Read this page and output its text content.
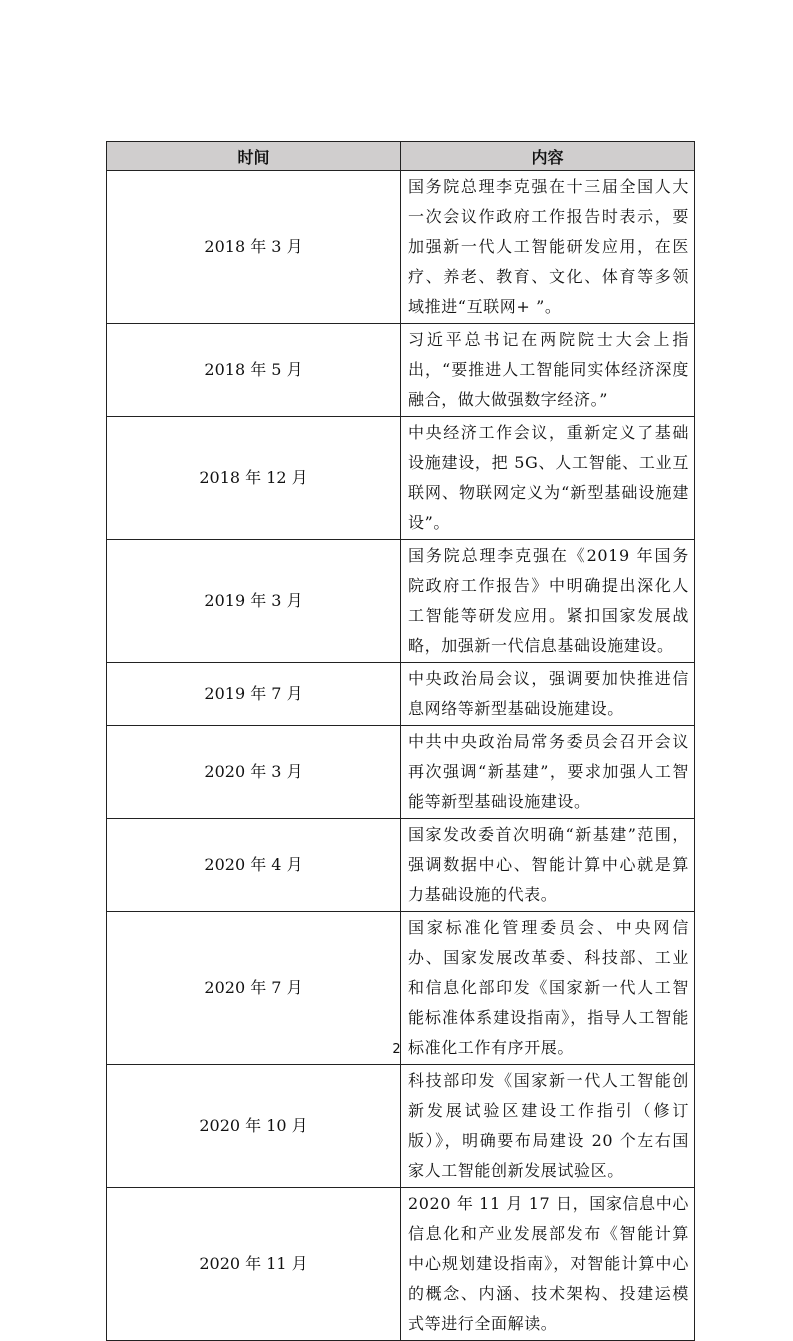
时间	内容
2018 年 3 月	国务院总理李克强在十三届全国人大一次会议作政府工作报告时表示，要加强新一代人工智能研发应用，在医疗、养老、教育、文化、体育等多领域推进“互联网+ ”。
2018 年 5 月	习近平总书记在两院院士大会上指出，“要推进人工智能同实体经济深度融合，做大做强数字经济。”
2018 年 12 月	中央经济工作会议，重新定义了基础设施建设，把 5G、人工智能、工业互联网、物联网定义为“新型基础设施建设”。
2019 年 3 月	国务院总理李克强在《2019 年国务院政府工作报告》中明确提出深化人工智能等研发应用。紧扣国家发展战略，加强新一代信息基础设施建设。
2019 年 7 月	中央政治局会议，强调要加快推进信息网络等新型基础设施建设。
2020 年 3 月	中共中央政治局常务委员会召开会议再次强调“新基建”，要求加强人工智能等新型基础设施建设。
2020 年 4 月	国家发改委首次明确“新基建”范围，强调数据中心、智能计算中心就是算力基础设施的代表。
2020 年 7 月	国家标准化管理委员会、中央网信办、国家发展改革委、科技部、工业和信息化部印发《国家新一代人工智能标准体系建设指南》，指导人工智能标准化工作有序开展。
2020 年 10 月	科技部印发《国家新一代人工智能创新发展试验区建设工作指引（修订版）》，明确要布局建设 20 个左右国家人工智能创新发展试验区。
2020 年 11 月	2020 年 11 月 17 日，国家信息中心信息化和产业发展部发布《智能计算中心规划建设指南》，对智能计算中心的概念、内涵、技术架构、投建运模式等进行全面解读。
2
